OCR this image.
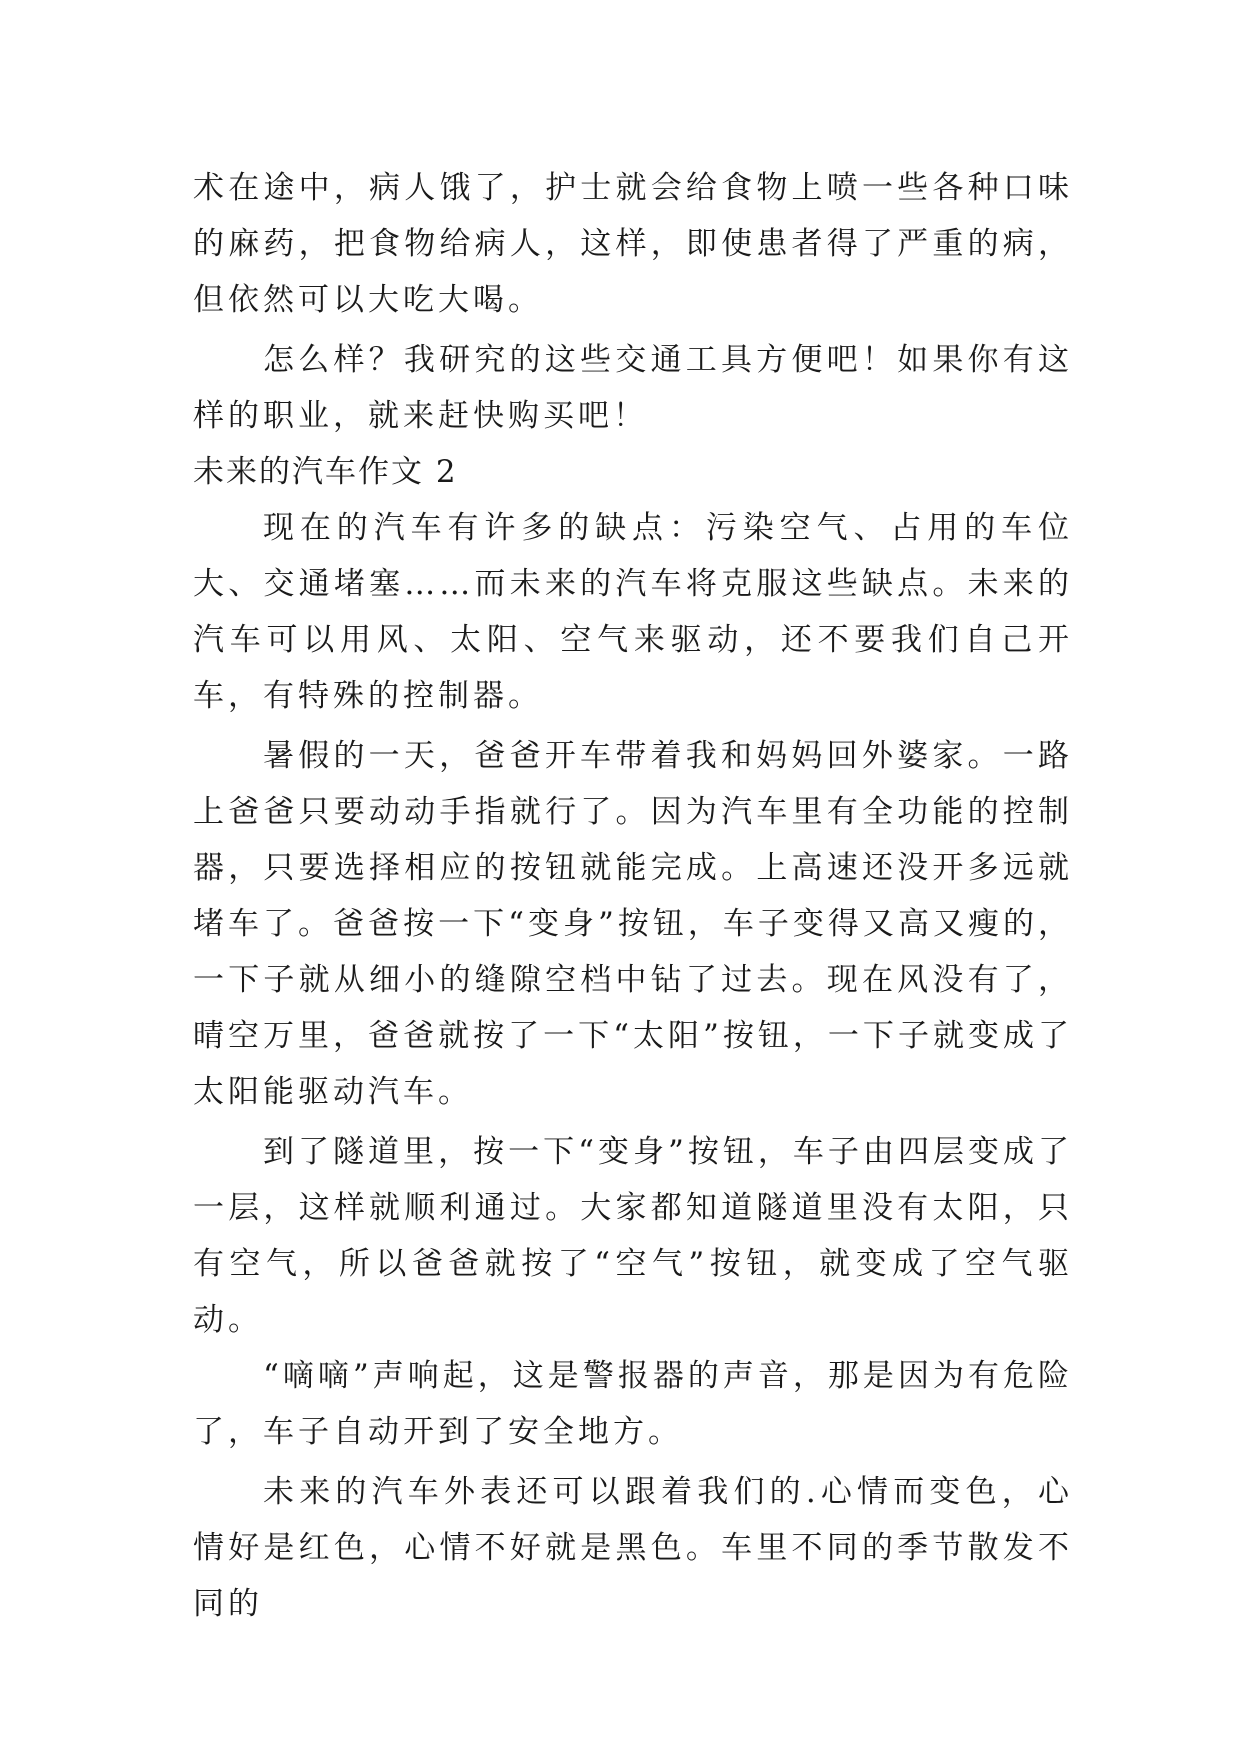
术在途中，病人饿了，护士就会给食物上喷一些各种口味的麻药，把食物给病人，这样，即使患者得了严重的病，但依然可以大吃大喝。

怎么样？我研究的这些交通工具方便吧！如果你有这样的职业，就来赶快购买吧！

未来的汽车作文 2

现在的汽车有许多的缺点：污染空气、占用的车位大、交通堵塞……而未来的汽车将克服这些缺点。未来的汽车可以用风、太阳、空气来驱动，还不要我们自己开车，有特殊的控制器。

暑假的一天，爸爸开车带着我和妈妈回外婆家。一路上爸爸只要动动手指就行了。因为汽车里有全功能的控制器，只要选择相应的按钮就能完成。上高速还没开多远就堵车了。爸爸按一下“变身”按钮，车子变得又高又瘦的，一下子就从细小的缝隙空档中钻了过去。现在风没有了，晴空万里，爸爸就按了一下“太阳”按钮，一下子就变成了太阳能驱动汽车。

到了隧道里，按一下“变身”按钮，车子由四层变成了一层，这样就顺利通过。大家都知道隧道里没有太阳，只有空气，所以爸爸就按了“空气”按钮，就变成了空气驱动。

“嘀嘀”声响起，这是警报器的声音，那是因为有危险了，车子自动开到了安全地方。

未来的汽车外表还可以跟着我们的.心情而变色，心情好是红色，心情不好就是黑色。车里不同的季节散发不同的
